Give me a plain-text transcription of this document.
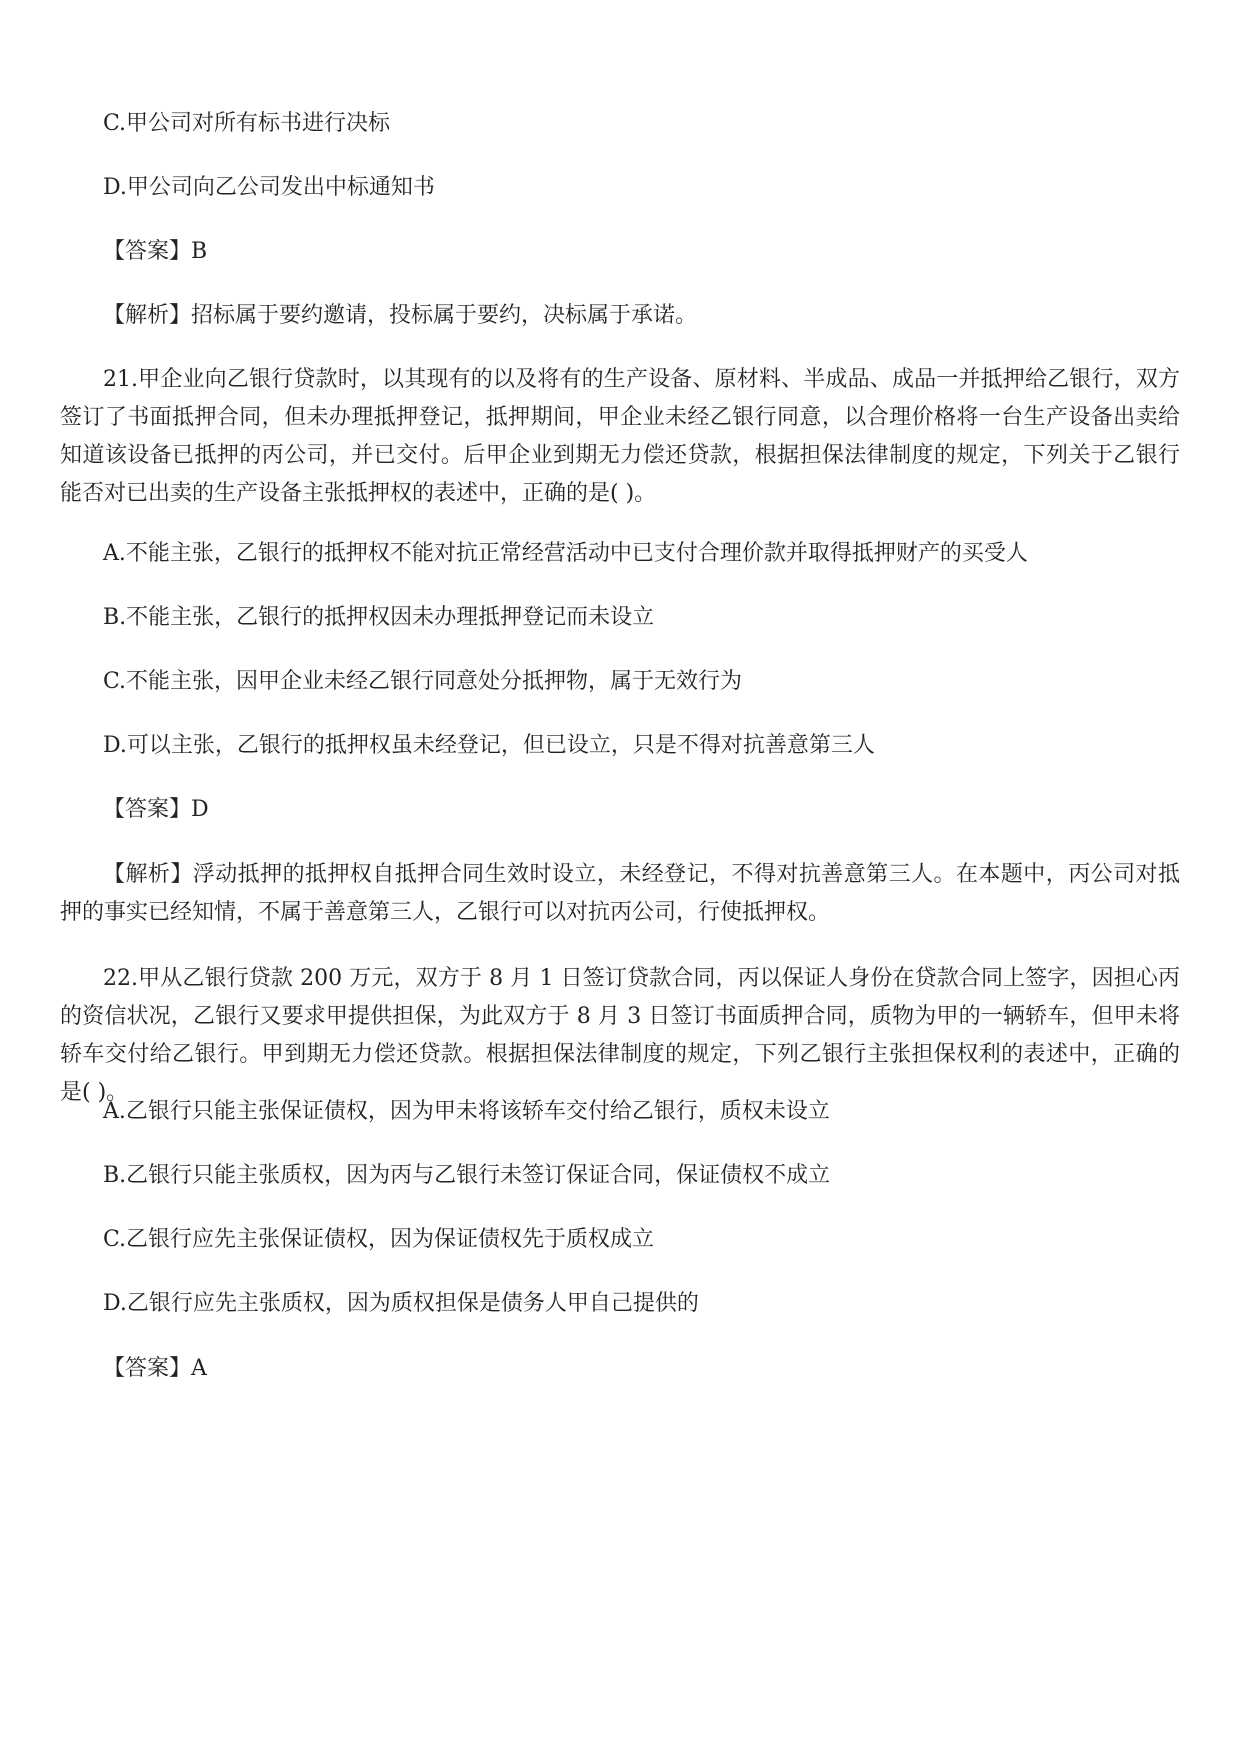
C.甲公司对所有标书进行决标
D.甲公司向乙公司发出中标通知书
【答案】B
【解析】招标属于要约邀请，投标属于要约，决标属于承诺。
21.甲企业向乙银行贷款时，以其现有的以及将有的生产设备、原材料、半成品、成品一并抵押给乙银行，双方签订了书面抵押合同，但未办理抵押登记，抵押期间，甲企业未经乙银行同意，以合理价格将一台生产设备出卖给知道该设备已抵押的丙公司，并已交付。后甲企业到期无力偿还贷款，根据担保法律制度的规定，下列关于乙银行能否对已出卖的生产设备主张抵押权的表述中，正确的是( )。
A.不能主张，乙银行的抵押权不能对抗正常经营活动中已支付合理价款并取得抵押财产的买受人
B.不能主张，乙银行的抵押权因未办理抵押登记而未设立
C.不能主张，因甲企业未经乙银行同意处分抵押物，属于无效行为
D.可以主张，乙银行的抵押权虽未经登记，但已设立，只是不得对抗善意第三人
【答案】D
【解析】浮动抵押的抵押权自抵押合同生效时设立，未经登记，不得对抗善意第三人。在本题中，丙公司对抵押的事实已经知情，不属于善意第三人，乙银行可以对抗丙公司，行使抵押权。
22.甲从乙银行贷款 200 万元，双方于 8 月 1 日签订贷款合同，丙以保证人身份在贷款合同上签字，因担心丙的资信状况，乙银行又要求甲提供担保，为此双方于 8 月 3 日签订书面质押合同，质物为甲的一辆轿车，但甲未将轿车交付给乙银行。甲到期无力偿还贷款。根据担保法律制度的规定，下列乙银行主张担保权利的表述中，正确的是( )。
A.乙银行只能主张保证债权，因为甲未将该轿车交付给乙银行，质权未设立
B.乙银行只能主张质权，因为丙与乙银行未签订保证合同，保证债权不成立
C.乙银行应先主张保证债权，因为保证债权先于质权成立
D.乙银行应先主张质权，因为质权担保是债务人甲自己提供的
【答案】A
